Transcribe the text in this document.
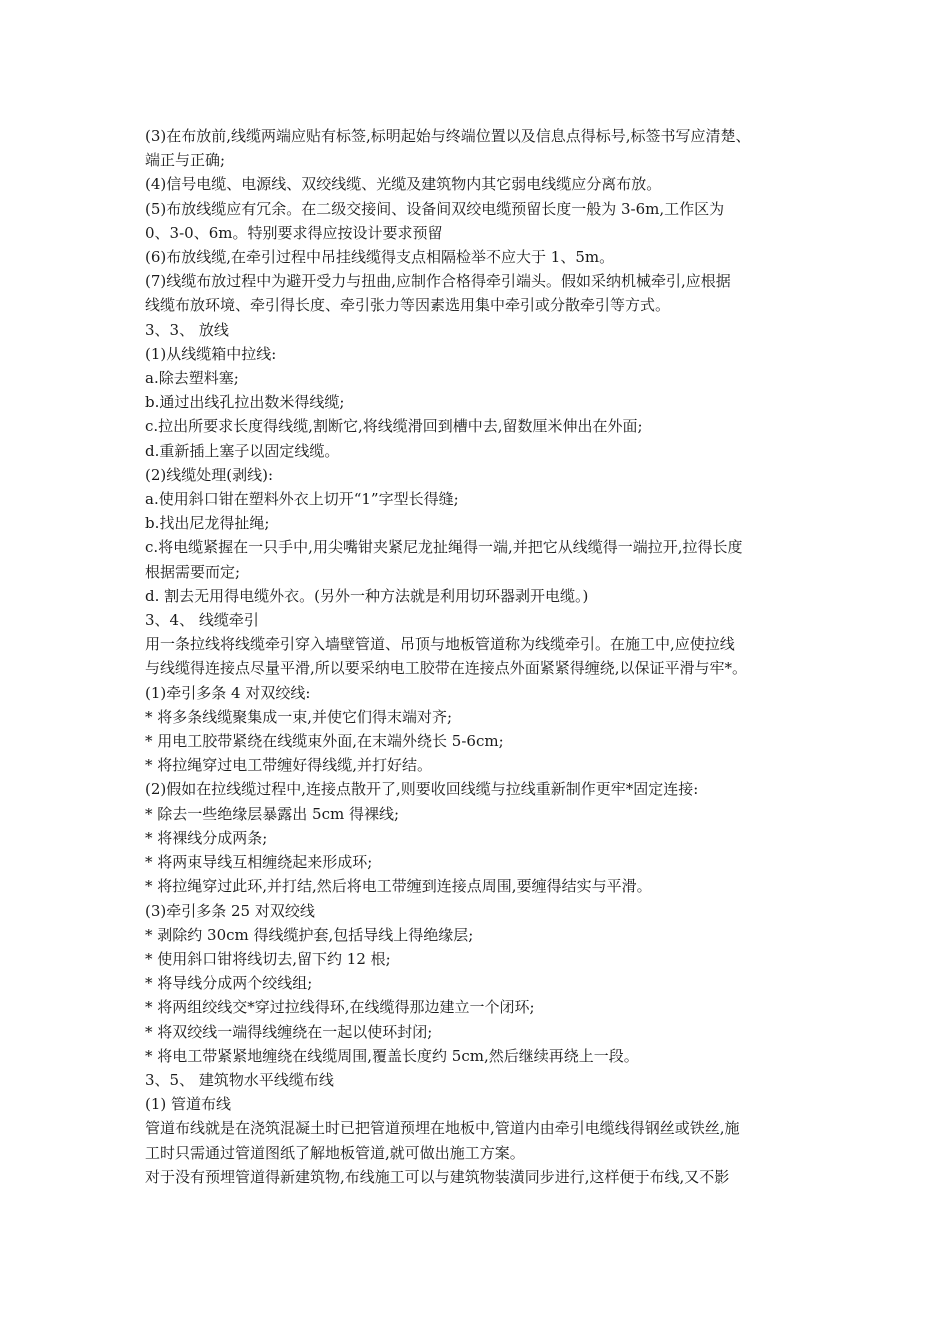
(3)在布放前,线缆两端应贴有标签,标明起始与终端位置以及信息点得标号,标签书写应清楚、

端正与正确;

(4)信号电缆、电源线、双绞线缆、光缆及建筑物内其它弱电线缆应分离布放。

(5)布放线缆应有冗余。在二级交接间、设备间双绞电缆预留长度一般为 3-6m,工作区为

0、3-0、6m。特别要求得应按设计要求预留

(6)布放线缆,在牵引过程中吊挂线缆得支点相隔检举不应大于 1、5m。

(7)线缆布放过程中为避开受力与扭曲,应制作合格得牵引端头。假如采纳机械牵引,应根据

线缆布放环境、牵引得长度、牵引张力等因素选用集中牵引或分散牵引等方式。

3、3、 放线

(1)从线缆箱中拉线:

a.除去塑料塞;

b.通过出线孔拉出数米得线缆;

c.拉出所要求长度得线缆,割断它,将线缆滑回到槽中去,留数厘米伸出在外面;

d.重新插上塞子以固定线缆。

(2)线缆处理(剥线):

a.使用斜口钳在塑料外衣上切开“1”字型长得缝;

b.找出尼龙得扯绳;

c.将电缆紧握在一只手中,用尖嘴钳夹紧尼龙扯绳得一端,并把它从线缆得一端拉开,拉得长度

根据需要而定;

d. 割去无用得电缆外衣。(另外一种方法就是利用切环器剥开电缆。)

3、4、 线缆牵引

用一条拉线将线缆牵引穿入墙壁管道、吊顶与地板管道称为线缆牵引。在施工中,应使拉线

与线缆得连接点尽量平滑,所以要采纳电工胶带在连接点外面紧紧得缠绕,以保证平滑与牢*。

(1)牵引多条 4 对双绞线:

* 将多条线缆聚集成一束,并使它们得末端对齐;

* 用电工胶带紧绕在线缆束外面,在末端外绕长 5-6cm;

* 将拉绳穿过电工带缠好得线缆,并打好结。

(2)假如在拉线缆过程中,连接点散开了,则要收回线缆与拉线重新制作更牢*固定连接:

* 除去一些绝缘层暴露出 5cm 得裸线;

* 将裸线分成两条;

* 将两束导线互相缠绕起来形成环;

* 将拉绳穿过此环,并打结,然后将电工带缠到连接点周围,要缠得结实与平滑。

(3)牵引多条 25 对双绞线

* 剥除约 30cm 得线缆护套,包括导线上得绝缘层;

* 使用斜口钳将线切去,留下约 12 根;

* 将导线分成两个绞线组;

* 将两组绞线交*穿过拉线得环,在线缆得那边建立一个闭环;

* 将双绞线一端得线缠绕在一起以使环封闭;

* 将电工带紧紧地缠绕在线缆周围,覆盖长度约 5cm,然后继续再绕上一段。

3、5、 建筑物水平线缆布线

(1) 管道布线

管道布线就是在浇筑混凝土时已把管道预埋在地板中,管道内由牵引电缆线得钢丝或铁丝,施

工时只需通过管道图纸了解地板管道,就可做出施工方案。

对于没有预埋管道得新建筑物,布线施工可以与建筑物装潢同步进行,这样便于布线,又不影
